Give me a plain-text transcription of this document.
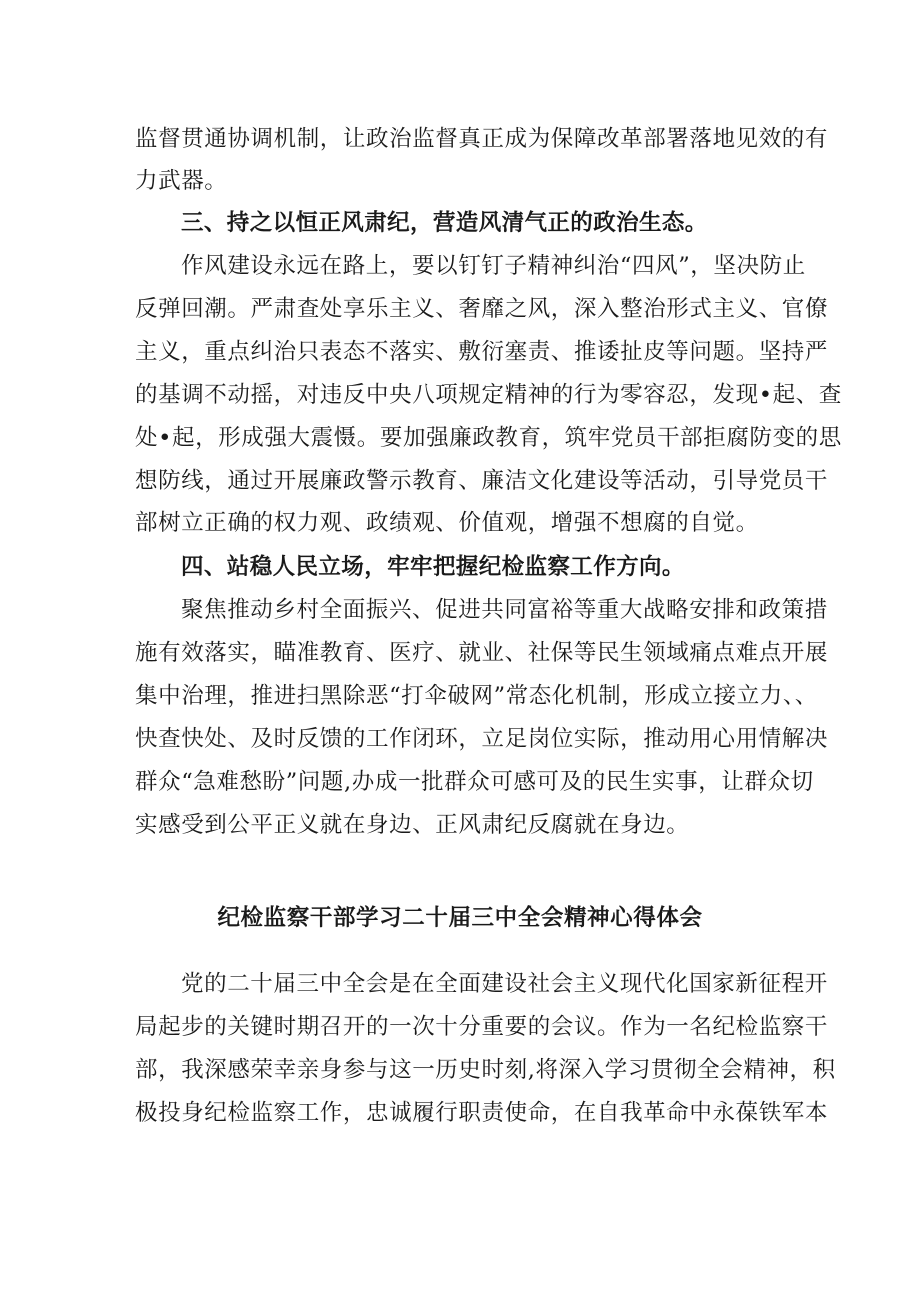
监督贯通协调机制，让政治监督真正成为保障改革部署落地见效的有
力武器。
三、持之以恒正风肃纪，营造风清气正的政治生态。
作风建设永远在路上，要以钉钉子精神纠治“四风”，坚决防止
反弹回潮。严肃查处享乐主义、奢靡之风，深入整治形式主义、官僚
主义，重点纠治只表态不落实、敷衍塞责、推诿扯皮等问题。坚持严
的基调不动摇，对违反中央八项规定精神的行为零容忍，发现•起、查
处•起，形成强大震慑。要加强廉政教育，筑牢党员干部拒腐防变的思
想防线，通过开展廉政警示教育、廉洁文化建设等活动，引导党员干
部树立正确的权力观、政绩观、价值观，增强不想腐的自觉。
四、站稳人民立场，牢牢把握纪检监察工作方向。
聚焦推动乡村全面振兴、促进共同富裕等重大战略安排和政策措
施有效落实，瞄准教育、医疗、就业、社保等民生领域痛点难点开展
集中治理，推进扫黑除恶“打伞破网”常态化机制，形成立接立力、、
快查快处、及时反馈的工作闭环，立足岗位实际，推动用心用情解决
群众“急难愁盼”问题,办成一批群众可感可及的民生实事，让群众切
实感受到公平正义就在身边、正风肃纪反腐就在身边。
纪检监察干部学习二十届三中全会精神心得体会
党的二十届三中全会是在全面建设社会主义现代化国家新征程开
局起步的关键时期召开的一次十分重要的会议。作为一名纪检监察干
部，我深感荣幸亲身参与这一历史时刻,将深入学习贯彻全会精神，积
极投身纪检监察工作，忠诚履行职责使命，在自我革命中永葆铁军本
